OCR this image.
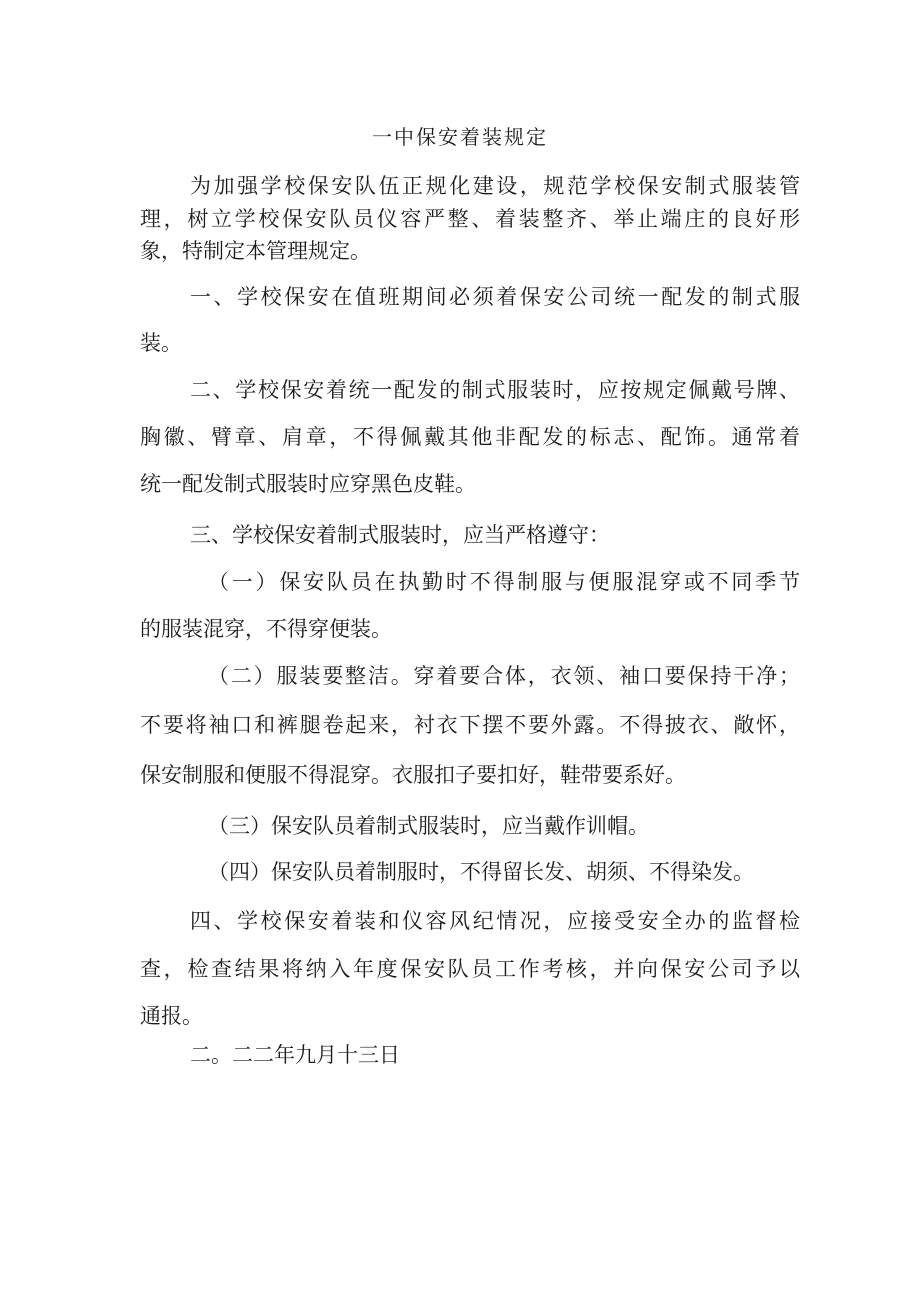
一中保安着装规定
为加强学校保安队伍正规化建设，规范学校保安制式服装管
理，树立学校保安队员仪容严整、着装整齐、举止端庄的良好形
象，特制定本管理规定。
一、学校保安在值班期间必须着保安公司统一配发的制式服
装。
二、学校保安着统一配发的制式服装时，应按规定佩戴号牌、
胸徽、臂章、肩章，不得佩戴其他非配发的标志、配饰。通常着
统一配发制式服装时应穿黑色皮鞋。
三、学校保安着制式服装时，应当严格遵守：
（一）保安队员在执勤时不得制服与便服混穿或不同季节
的服装混穿，不得穿便装。
（二）服装要整洁。穿着要合体，衣领、袖口要保持干净；
不要将袖口和裤腿卷起来，衬衣下摆不要外露。不得披衣、敞怀，
保安制服和便服不得混穿。衣服扣子要扣好，鞋带要系好。
（三）保安队员着制式服装时，应当戴作训帽。
（四）保安队员着制服时，不得留长发、胡须、不得染发。
四、学校保安着装和仪容风纪情况，应接受安全办的监督检
查，检查结果将纳入年度保安队员工作考核，并向保安公司予以
通报。
二。二二年九月十三日
